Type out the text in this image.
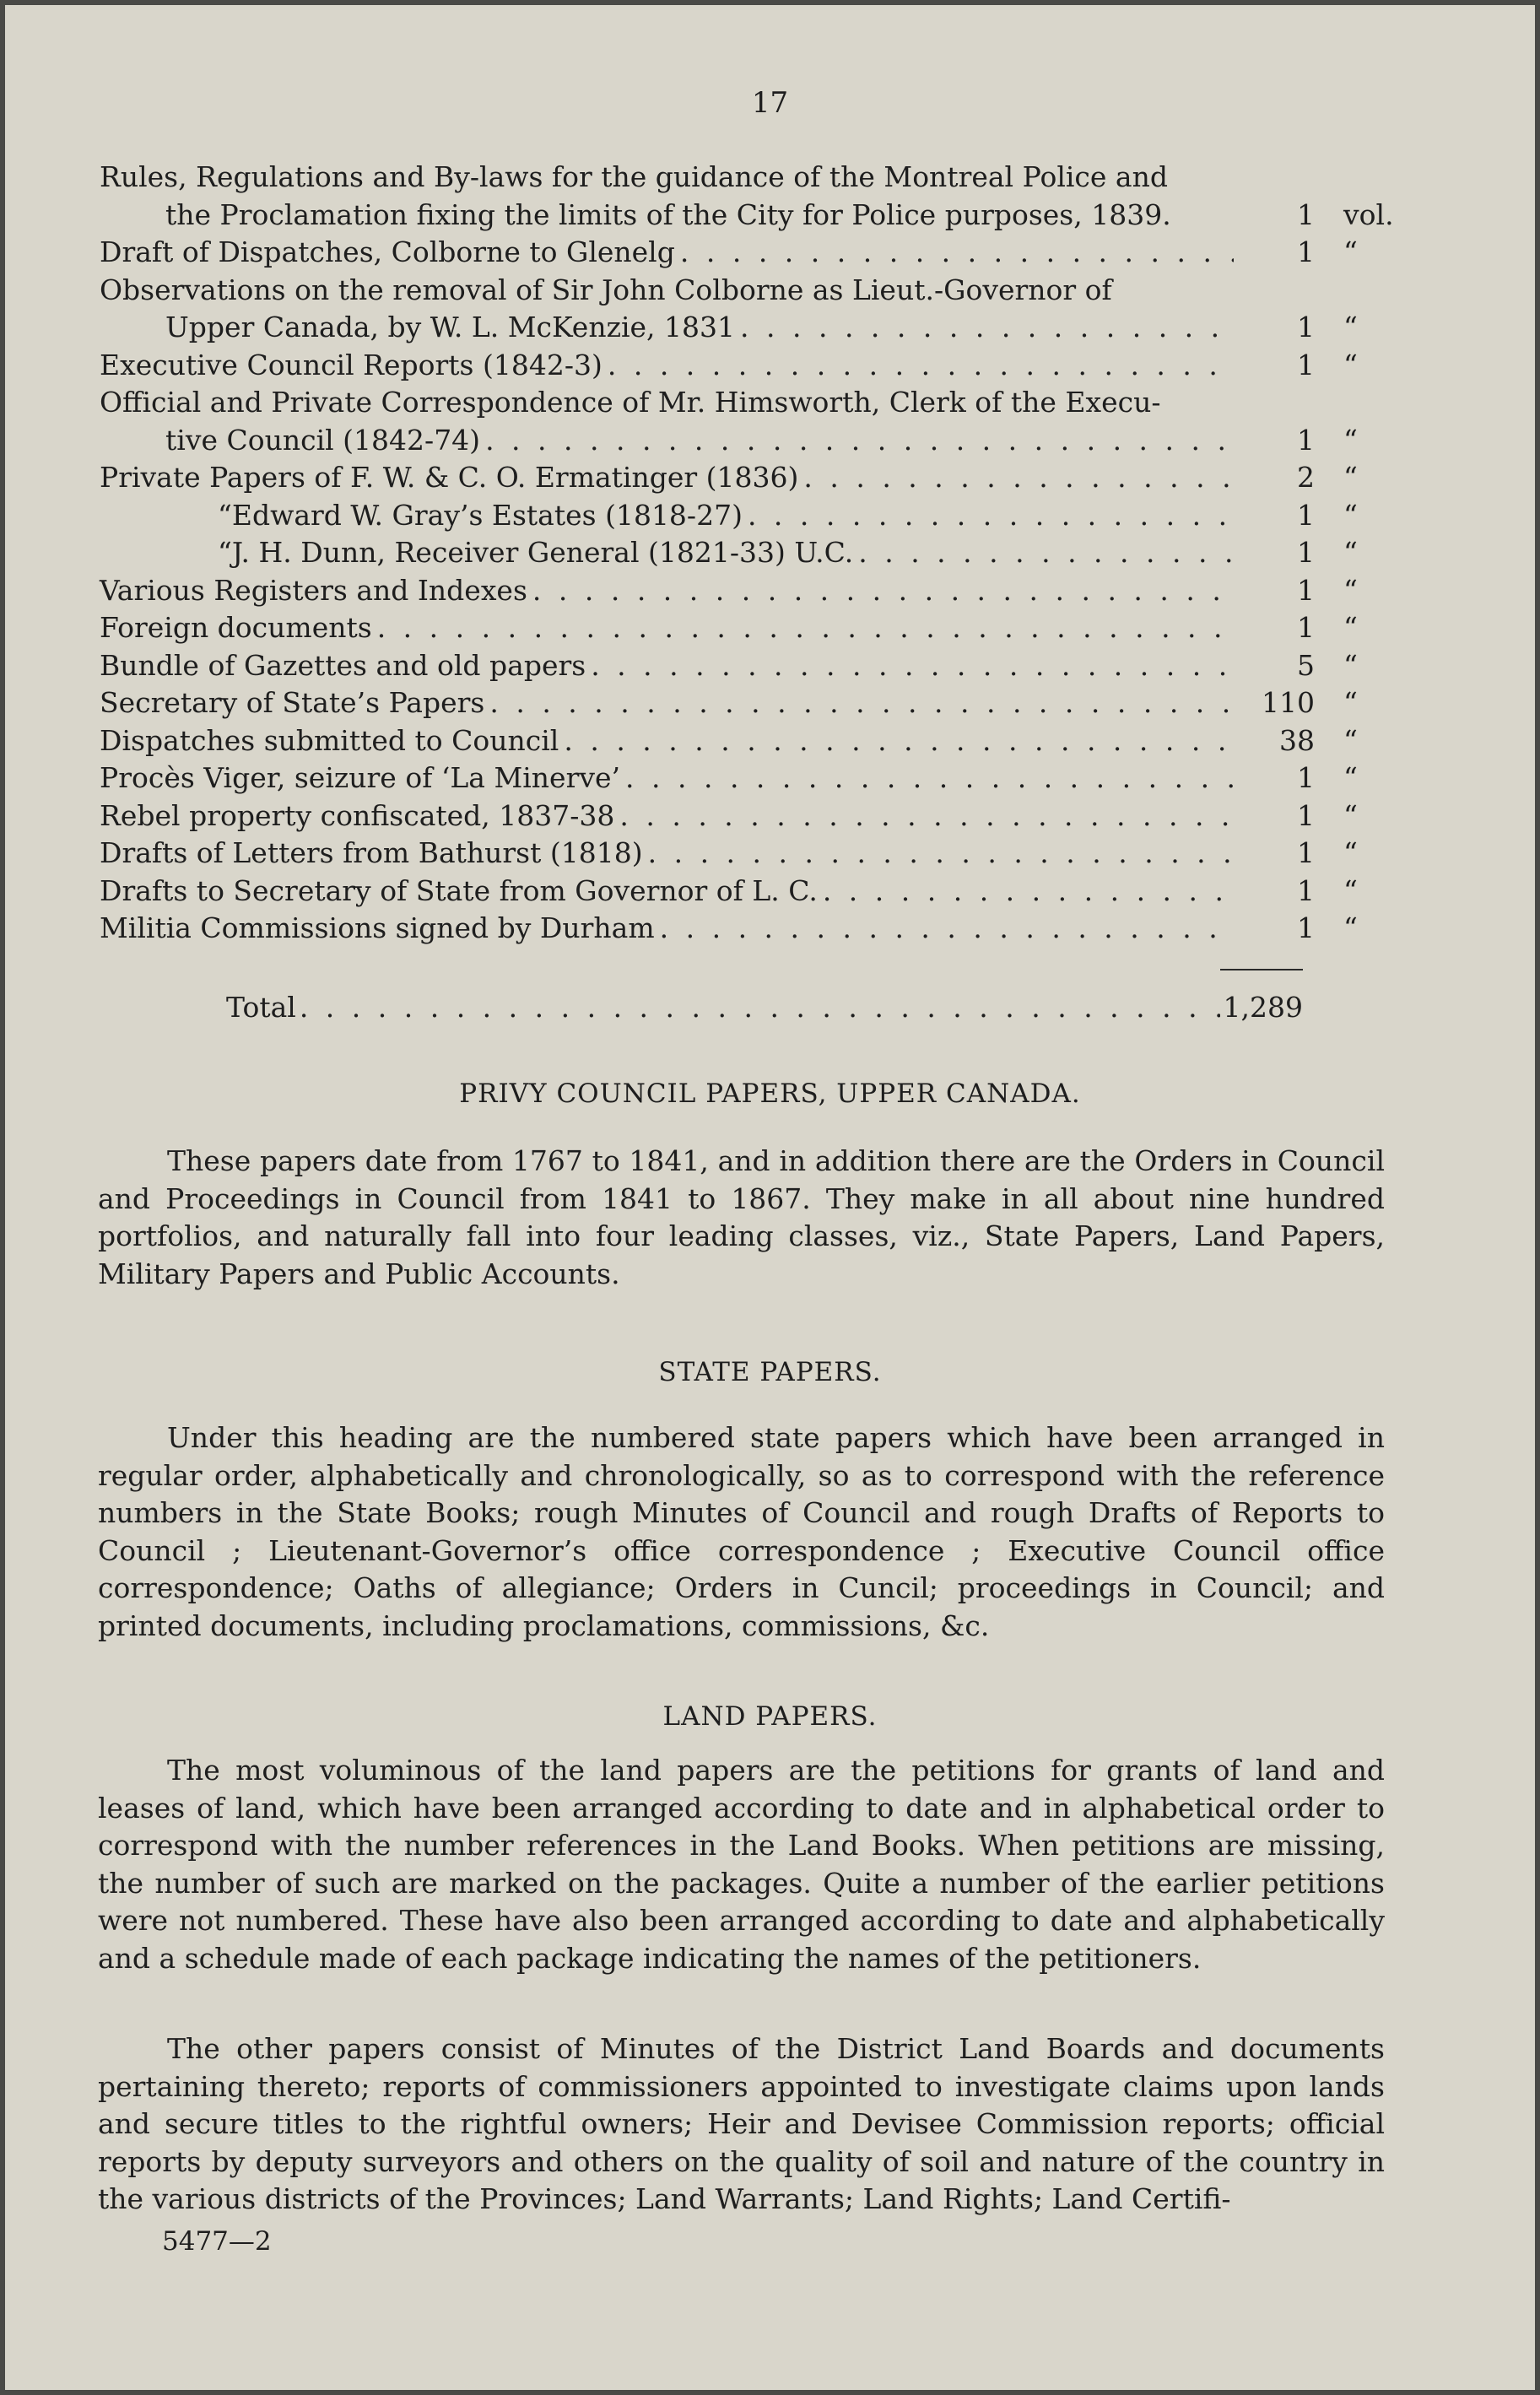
17
Rules, Regulations and By-laws for the guidance of the Montreal Police and
the Proclamation fixing the limits of the City for Police purposes, 1839.	1	vol.
Draft of Dispatches, Colborne to Glenelg . . .	1	“
Observations on the removal of Sir John Colborne as Lieut.-Governor of
Upper Canada, by W. L. McKenzie, 1831 . . .	1	“
Executive Council Reports (1842-3) . . .	1	“
Official and Private Correspondence of Mr. Himsworth, Clerk of the Execu-
tive Council (1842-74) . . .	1	“
Private Papers of F. W. & C. O. Ermatinger (1836) . . .	2	“
“ Edward W. Gray’s Estates (1818-27) . . .	1	“
“ J. H. Dunn, Receiver General (1821-33) U.C. . . .	1	“
Various Registers and Indexes . . .	1	“
Foreign documents . . .	1	“
Bundle of Gazettes and old papers . . .	5	“
Secretary of State’s Papers . . .	110	“
Dispatches submitted to Council . . .	38	“
Procès Viger, seizure of ‘La Minerve’ . . .	1	“
Rebel property confiscated, 1837-38 . . .	1	“
Drafts of Letters from Bathurst (1818) . . .	1	“
Drafts to Secretary of State from Governor of L. C. . . .	1	“
Militia Commissions signed by Durham . . .	1	“
Total . . .	1,289
PRIVY COUNCIL PAPERS, UPPER CANADA.

These papers date from 1767 to 1841, and in addition there are the Orders in Council and Proceedings in Council from 1841 to 1867. They make in all about nine hundred portfolios, and naturally fall into four leading classes, viz., State Papers, Land Papers, Military Papers and Public Accounts.

STATE PAPERS.

Under this heading are the numbered state papers which have been arranged in regular order, alphabetically and chronologically, so as to correspond with the reference numbers in the State Books; rough Minutes of Council and rough Drafts of Reports to Council ; Lieutenant-Governor’s office correspondence ; Executive Council office correspondence; Oaths of allegiance; Orders in Cuncil; proceedings in Council; and printed documents, including proclamations, commissions, &c.

LAND PAPERS.

The most voluminous of the land papers are the petitions for grants of land and leases of land, which have been arranged according to date and in alphabetical order to correspond with the number references in the Land Books. When petitions are missing, the number of such are marked on the packages. Quite a number of the earlier petitions were not numbered. These have also been arranged according to date and alphabetically and a schedule made of each package indicating the names of the petitioners.

The other papers consist of Minutes of the District Land Boards and documents pertaining thereto; reports of commissioners appointed to investigate claims upon lands and secure titles to the rightful owners; Heir and Devisee Commission reports; official reports by deputy surveyors and others on the quality of soil and nature of the country in the various districts of the Provinces; Land Warrants; Land Rights; Land Certifi-

5477—2
